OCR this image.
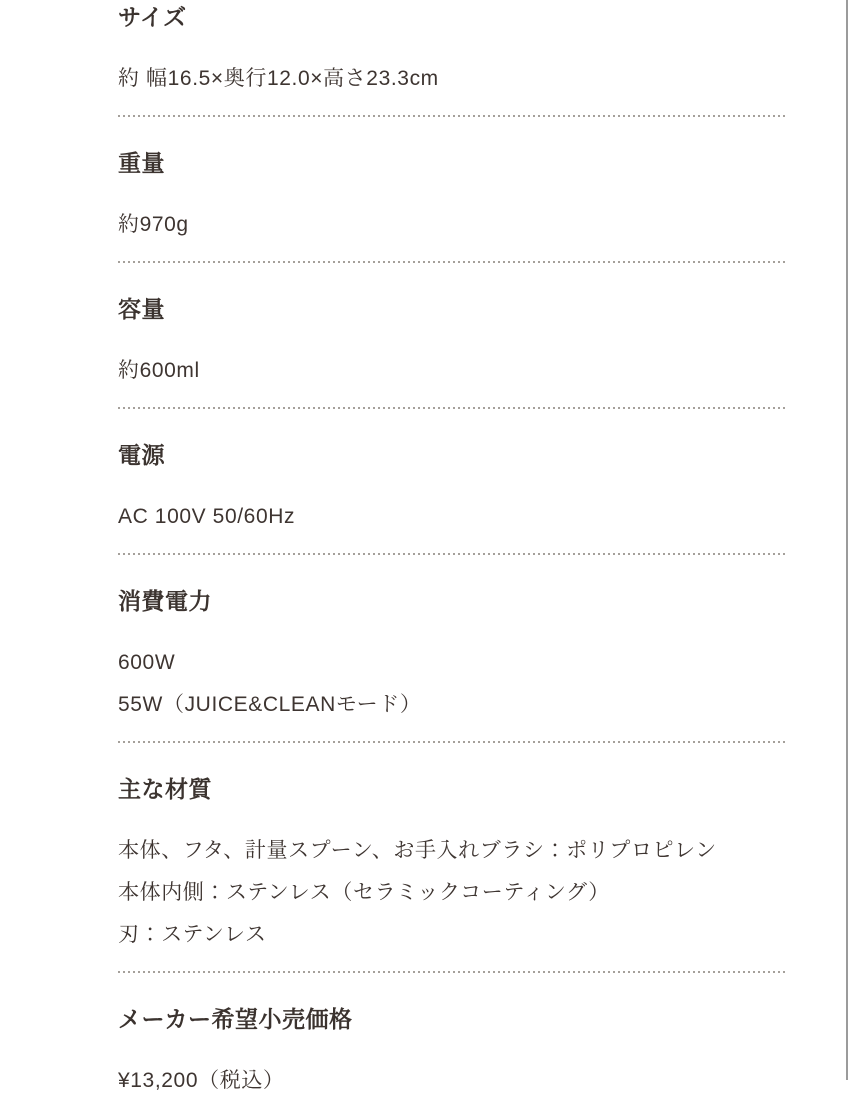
サイズ

約 幅16.5×奥行12.0×高さ23.3cm

重量

約970g

容量

約600ml

電源

AC 100V 50/60Hz

消費電力

600W

55W（JUICE&CLEANモード）

主な材質

本体、フタ、計量スプーン、お手入れブラシ：ポリプロピレン

本体内側：ステンレス（セラミックコーティング）

刃：ステンレス

メーカー希望小売価格

¥13,200（税込）
